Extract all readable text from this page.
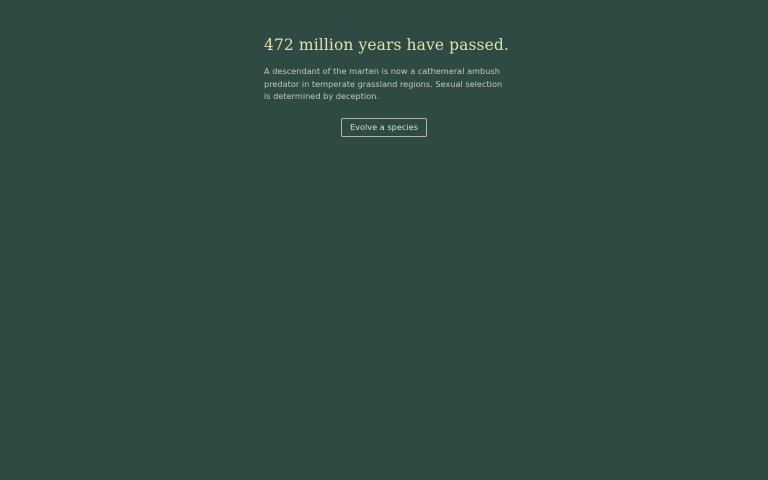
472 million years have passed.

A descendant of the marten is now a cathemeral ambush predator in temperate grassland regions. Sexual selection is determined by deception.

Evolve a species
